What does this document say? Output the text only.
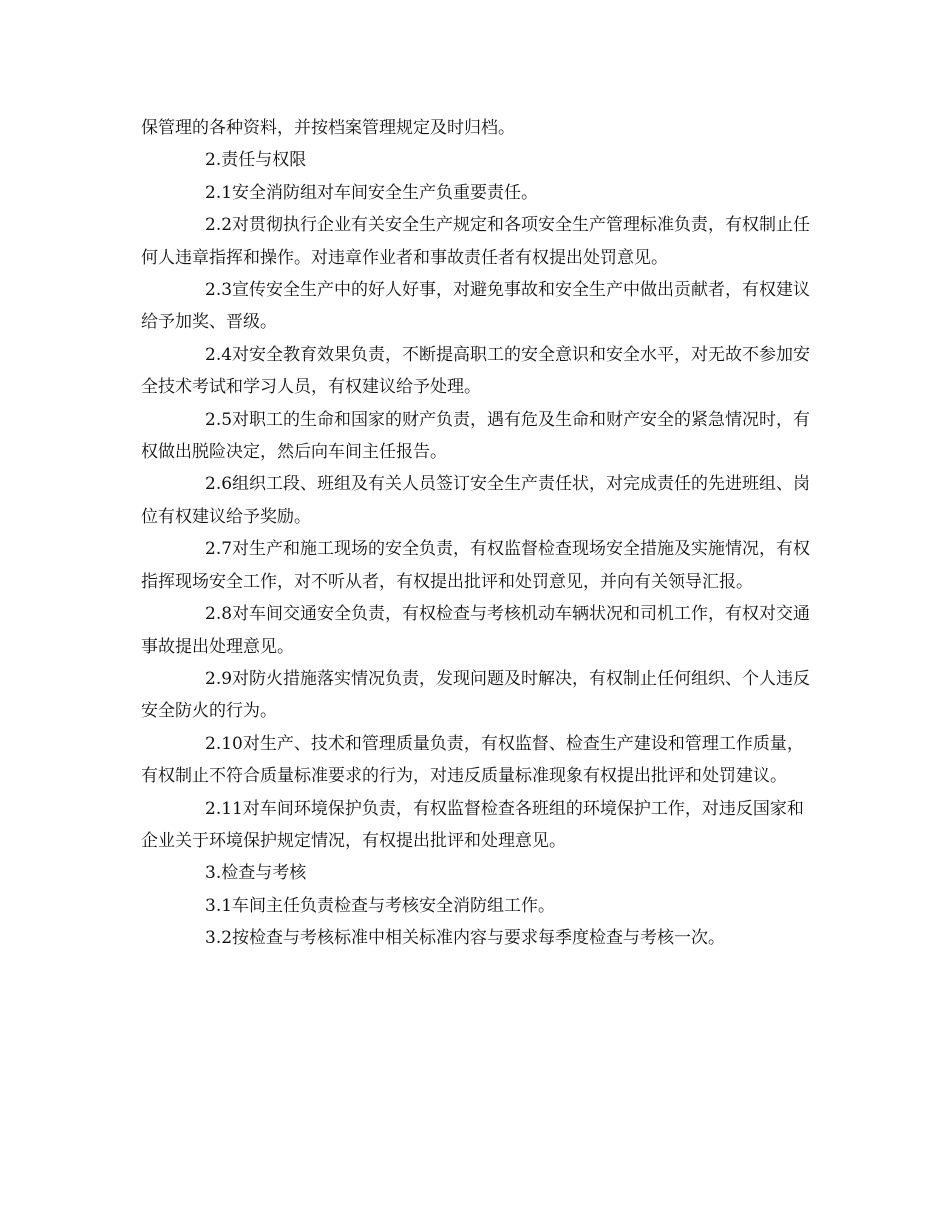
保管理的各种资料，并按档案管理规定及时归档。

2.责任与权限

2.1安全消防组对车间安全生产负重要责任。

2.2对贯彻执行企业有关安全生产规定和各项安全生产管理标准负责，有权制止任何人违章指挥和操作。对违章作业者和事故责任者有权提出处罚意见。

2.3宣传安全生产中的好人好事，对避免事故和安全生产中做出贡献者，有权建议给予加奖、晋级。

2.4对安全教育效果负责，不断提高职工的安全意识和安全水平，对无故不参加安全技术考试和学习人员，有权建议给予处理。

2.5对职工的生命和国家的财产负责，遇有危及生命和财产安全的紧急情况时，有权做出脱险决定，然后向车间主任报告。

2.6组织工段、班组及有关人员签订安全生产责任状，对完成责任的先进班组、岗位有权建议给予奖励。

2.7对生产和施工现场的安全负责，有权监督检查现场安全措施及实施情况，有权指挥现场安全工作，对不听从者，有权提出批评和处罚意见，并向有关领导汇报。

2.8对车间交通安全负责，有权检查与考核机动车辆状况和司机工作，有权对交通事故提出处理意见。

2.9对防火措施落实情况负责，发现问题及时解决，有权制止任何组织、个人违反安全防火的行为。

2.10对生产、技术和管理质量负责，有权监督、检查生产建设和管理工作质量，有权制止不符合质量标准要求的行为，对违反质量标准现象有权提出批评和处罚建议。

2.11对车间环境保护负责，有权监督检查各班组的环境保护工作，对违反国家和企业关于环境保护规定情况，有权提出批评和处理意见。

3.检查与考核

3.1车间主任负责检查与考核安全消防组工作。

3.2按检查与考核标准中相关标准内容与要求每季度检查与考核一次。
